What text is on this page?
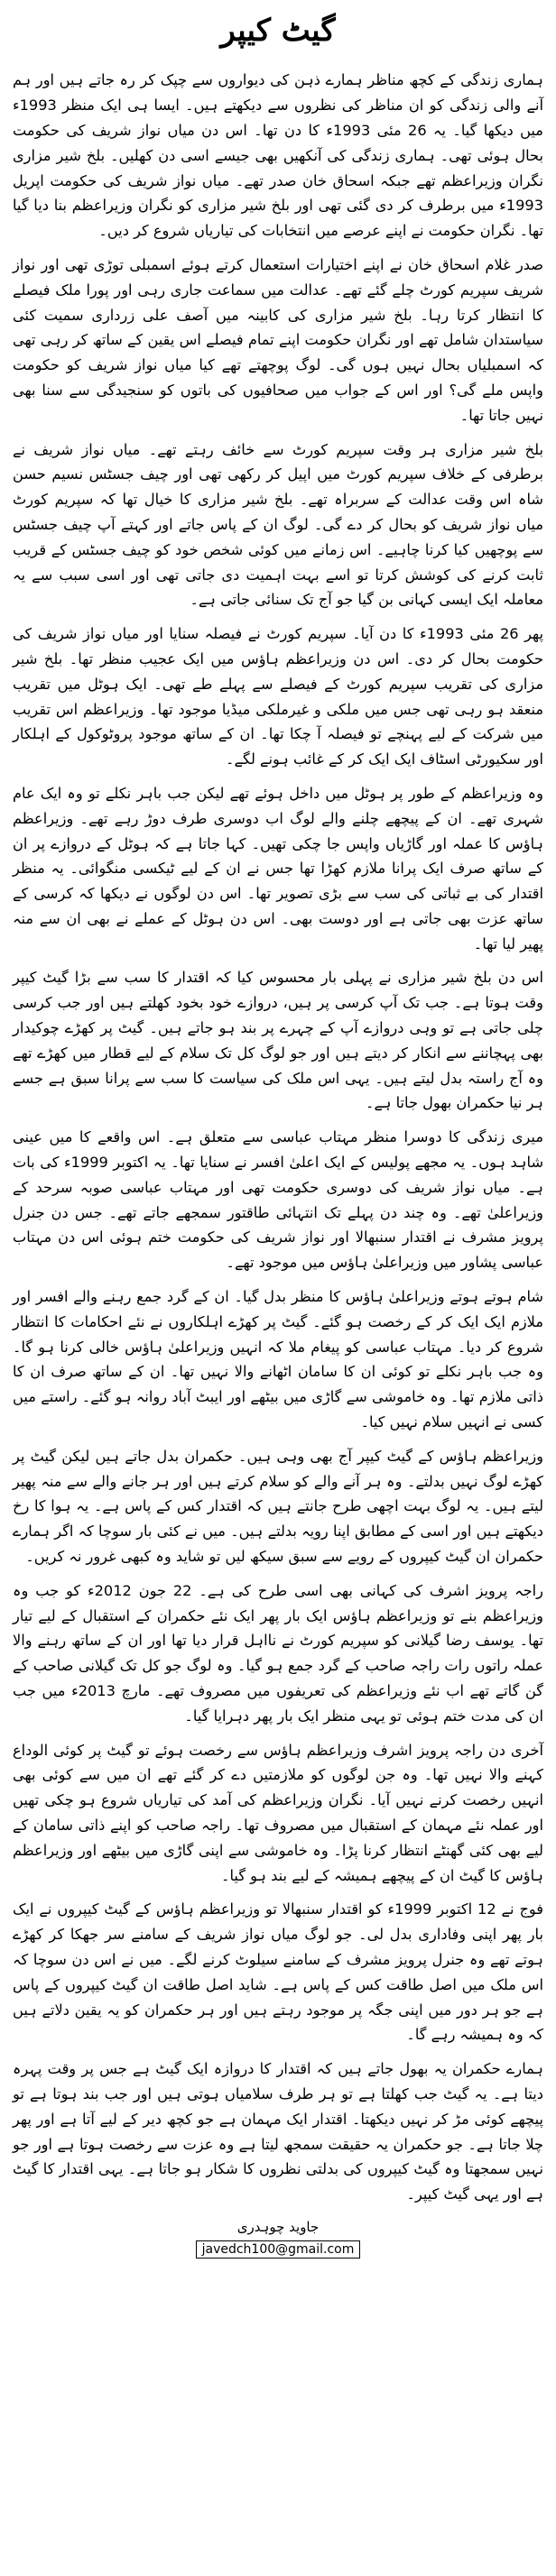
گیٹ کیپر

ہماری زندگی کے کچھ مناظر ہمارے ذہن کی دیواروں سے چپک کر رہ جاتے ہیں اور ہم آنے والی زندگی کو ان مناظر کی نظروں سے دیکھتے ہیں۔ ایسا ہی ایک منظر 1993ء میں دیکھا گیا۔ یہ 26 مئی 1993ء کا دن تھا۔ اس دن میاں نواز شریف کی حکومت بحال ہوئی تھی۔ ہماری زندگی کی آنکھیں بھی جیسے اسی دن کھلیں۔ بلخ شیر مزاری نگران وزیراعظم تھے جبکہ اسحاق خان صدر تھے۔ میاں نواز شریف کی حکومت اپریل 1993ء میں برطرف کر دی گئی تھی اور بلخ شیر مزاری کو نگران وزیراعظم بنا دیا گیا تھا۔ نگران حکومت نے اپنے عرصے میں انتخابات کی تیاریاں شروع کر دیں۔

صدر غلام اسحاق خان نے اپنے اختیارات استعمال کرتے ہوئے اسمبلی توڑی تھی اور نواز شریف سپریم کورٹ چلے گئے تھے۔ عدالت میں سماعت جاری رہی اور پورا ملک فیصلے کا انتظار کرتا رہا۔ بلخ شیر مزاری کی کابینہ میں آصف علی زرداری سمیت کئی سیاستدان شامل تھے اور نگران حکومت اپنے تمام فیصلے اس یقین کے ساتھ کر رہی تھی کہ اسمبلیاں بحال نہیں ہوں گی۔ لوگ پوچھتے تھے کیا میاں نواز شریف کو حکومت واپس ملے گی؟ اور اس کے جواب میں صحافیوں کی باتوں کو سنجیدگی سے سنا بھی نہیں جاتا تھا۔

بلخ شیر مزاری ہر وقت سپریم کورٹ سے خائف رہتے تھے۔ میاں نواز شریف نے برطرفی کے خلاف سپریم کورٹ میں اپیل کر رکھی تھی اور چیف جسٹس نسیم حسن شاہ اس وقت عدالت کے سربراہ تھے۔ بلخ شیر مزاری کا خیال تھا کہ سپریم کورٹ میاں نواز شریف کو بحال کر دے گی۔ لوگ ان کے پاس جاتے اور کہتے آپ چیف جسٹس سے پوچھیں کیا کرنا چاہیے۔ اس زمانے میں کوئی شخص خود کو چیف جسٹس کے قریب ثابت کرنے کی کوشش کرتا تو اسے بہت اہمیت دی جاتی تھی اور اسی سبب سے یہ معاملہ ایک ایسی کہانی بن گیا جو آج تک سنائی جاتی ہے۔

پھر 26 مئی 1993ء کا دن آیا۔ سپریم کورٹ نے فیصلہ سنایا اور میاں نواز شریف کی حکومت بحال کر دی۔ اس دن وزیراعظم ہاؤس میں ایک عجیب منظر تھا۔ بلخ شیر مزاری کی تقریب سپریم کورٹ کے فیصلے سے پہلے طے تھی۔ ایک ہوٹل میں تقریب منعقد ہو رہی تھی جس میں ملکی و غیرملکی میڈیا موجود تھا۔ وزیراعظم اس تقریب میں شرکت کے لیے پہنچے تو فیصلہ آ چکا تھا۔ ان کے ساتھ موجود پروٹوکول کے اہلکار اور سکیورٹی اسٹاف ایک ایک کر کے غائب ہونے لگے۔

وہ وزیراعظم کے طور پر ہوٹل میں داخل ہوئے تھے لیکن جب باہر نکلے تو وہ ایک عام شہری تھے۔ ان کے پیچھے چلنے والے لوگ اب دوسری طرف دوڑ رہے تھے۔ وزیراعظم ہاؤس کا عملہ اور گاڑیاں واپس جا چکی تھیں۔ کہا جاتا ہے کہ ہوٹل کے دروازے پر ان کے ساتھ صرف ایک پرانا ملازم کھڑا تھا جس نے ان کے لیے ٹیکسی منگوائی۔ یہ منظر اقتدار کی بے ثباتی کی سب سے بڑی تصویر تھا۔ اس دن لوگوں نے دیکھا کہ کرسی کے ساتھ عزت بھی جاتی ہے اور دوست بھی۔ اس دن ہوٹل کے عملے نے بھی ان سے منہ پھیر لیا تھا۔

اس دن بلخ شیر مزاری نے پہلی بار محسوس کیا کہ اقتدار کا سب سے بڑا گیٹ کیپر وقت ہوتا ہے۔ جب تک آپ کرسی پر ہیں، دروازے خود بخود کھلتے ہیں اور جب کرسی چلی جاتی ہے تو وہی دروازے آپ کے چہرے پر بند ہو جاتے ہیں۔ گیٹ پر کھڑے چوکیدار بھی پہچاننے سے انکار کر دیتے ہیں اور جو لوگ کل تک سلام کے لیے قطار میں کھڑے تھے وہ آج راستہ بدل لیتے ہیں۔ یہی اس ملک کی سیاست کا سب سے پرانا سبق ہے جسے ہر نیا حکمران بھول جاتا ہے۔

میری زندگی کا دوسرا منظر مہتاب عباسی سے متعلق ہے۔ اس واقعے کا میں عینی شاہد ہوں۔ یہ مجھے پولیس کے ایک اعلیٰ افسر نے سنایا تھا۔ یہ اکتوبر 1999ء کی بات ہے۔ میاں نواز شریف کی دوسری حکومت تھی اور مہتاب عباسی صوبہ سرحد کے وزیراعلیٰ تھے۔ وہ چند دن پہلے تک انتہائی طاقتور سمجھے جاتے تھے۔ جس دن جنرل پرویز مشرف نے اقتدار سنبھالا اور نواز شریف کی حکومت ختم ہوئی اس دن مہتاب عباسی پشاور میں وزیراعلیٰ ہاؤس میں موجود تھے۔

شام ہوتے ہوتے وزیراعلیٰ ہاؤس کا منظر بدل گیا۔ ان کے گرد جمع رہنے والے افسر اور ملازم ایک ایک کر کے رخصت ہو گئے۔ گیٹ پر کھڑے اہلکاروں نے نئے احکامات کا انتظار شروع کر دیا۔ مہتاب عباسی کو پیغام ملا کہ انہیں وزیراعلیٰ ہاؤس خالی کرنا ہو گا۔ وہ جب باہر نکلے تو کوئی ان کا سامان اٹھانے والا نہیں تھا۔ ان کے ساتھ صرف ان کا ذاتی ملازم تھا۔ وہ خاموشی سے گاڑی میں بیٹھے اور ایبٹ آباد روانہ ہو گئے۔ راستے میں کسی نے انہیں سلام نہیں کیا۔

وزیراعظم ہاؤس کے گیٹ کیپر آج بھی وہی ہیں۔ حکمران بدل جاتے ہیں لیکن گیٹ پر کھڑے لوگ نہیں بدلتے۔ وہ ہر آنے والے کو سلام کرتے ہیں اور ہر جانے والے سے منہ پھیر لیتے ہیں۔ یہ لوگ بہت اچھی طرح جانتے ہیں کہ اقتدار کس کے پاس ہے۔ یہ ہوا کا رخ دیکھتے ہیں اور اسی کے مطابق اپنا رویہ بدلتے ہیں۔ میں نے کئی بار سوچا کہ اگر ہمارے حکمران ان گیٹ کیپروں کے رویے سے سبق سیکھ لیں تو شاید وہ کبھی غرور نہ کریں۔

راجہ پرویز اشرف کی کہانی بھی اسی طرح کی ہے۔ 22 جون 2012ء کو جب وہ وزیراعظم بنے تو وزیراعظم ہاؤس ایک بار پھر ایک نئے حکمران کے استقبال کے لیے تیار تھا۔ یوسف رضا گیلانی کو سپریم کورٹ نے نااہل قرار دیا تھا اور ان کے ساتھ رہنے والا عملہ راتوں رات راجہ صاحب کے گرد جمع ہو گیا۔ وہ لوگ جو کل تک گیلانی صاحب کے گن گاتے تھے اب نئے وزیراعظم کی تعریفوں میں مصروف تھے۔ مارچ 2013ء میں جب ان کی مدت ختم ہوئی تو یہی منظر ایک بار پھر دہرایا گیا۔

آخری دن راجہ پرویز اشرف وزیراعظم ہاؤس سے رخصت ہوئے تو گیٹ پر کوئی الوداع کہنے والا نہیں تھا۔ وہ جن لوگوں کو ملازمتیں دے کر گئے تھے ان میں سے کوئی بھی انہیں رخصت کرنے نہیں آیا۔ نگران وزیراعظم کی آمد کی تیاریاں شروع ہو چکی تھیں اور عملہ نئے مہمان کے استقبال میں مصروف تھا۔ راجہ صاحب کو اپنے ذاتی سامان کے لیے بھی کئی گھنٹے انتظار کرنا پڑا۔ وہ خاموشی سے اپنی گاڑی میں بیٹھے اور وزیراعظم ہاؤس کا گیٹ ان کے پیچھے ہمیشہ کے لیے بند ہو گیا۔

فوج نے 12 اکتوبر 1999ء کو اقتدار سنبھالا تو وزیراعظم ہاؤس کے گیٹ کیپروں نے ایک بار پھر اپنی وفاداری بدل لی۔ جو لوگ میاں نواز شریف کے سامنے سر جھکا کر کھڑے ہوتے تھے وہ جنرل پرویز مشرف کے سامنے سیلوٹ کرنے لگے۔ میں نے اس دن سوچا کہ اس ملک میں اصل طاقت کس کے پاس ہے۔ شاید اصل طاقت ان گیٹ کیپروں کے پاس ہے جو ہر دور میں اپنی جگہ پر موجود رہتے ہیں اور ہر حکمران کو یہ یقین دلاتے ہیں کہ وہ ہمیشہ رہے گا۔

ہمارے حکمران یہ بھول جاتے ہیں کہ اقتدار کا دروازہ ایک گیٹ ہے جس پر وقت پہرہ دیتا ہے۔ یہ گیٹ جب کھلتا ہے تو ہر طرف سلامیاں ہوتی ہیں اور جب بند ہوتا ہے تو پیچھے کوئی مڑ کر نہیں دیکھتا۔ اقتدار ایک مہمان ہے جو کچھ دیر کے لیے آتا ہے اور پھر چلا جاتا ہے۔ جو حکمران یہ حقیقت سمجھ لیتا ہے وہ عزت سے رخصت ہوتا ہے اور جو نہیں سمجھتا وہ گیٹ کیپروں کی بدلتی نظروں کا شکار ہو جاتا ہے۔ یہی اقتدار کا گیٹ ہے اور یہی گیٹ کیپر۔

جاوید چوہدری
javedch100@gmail.com
